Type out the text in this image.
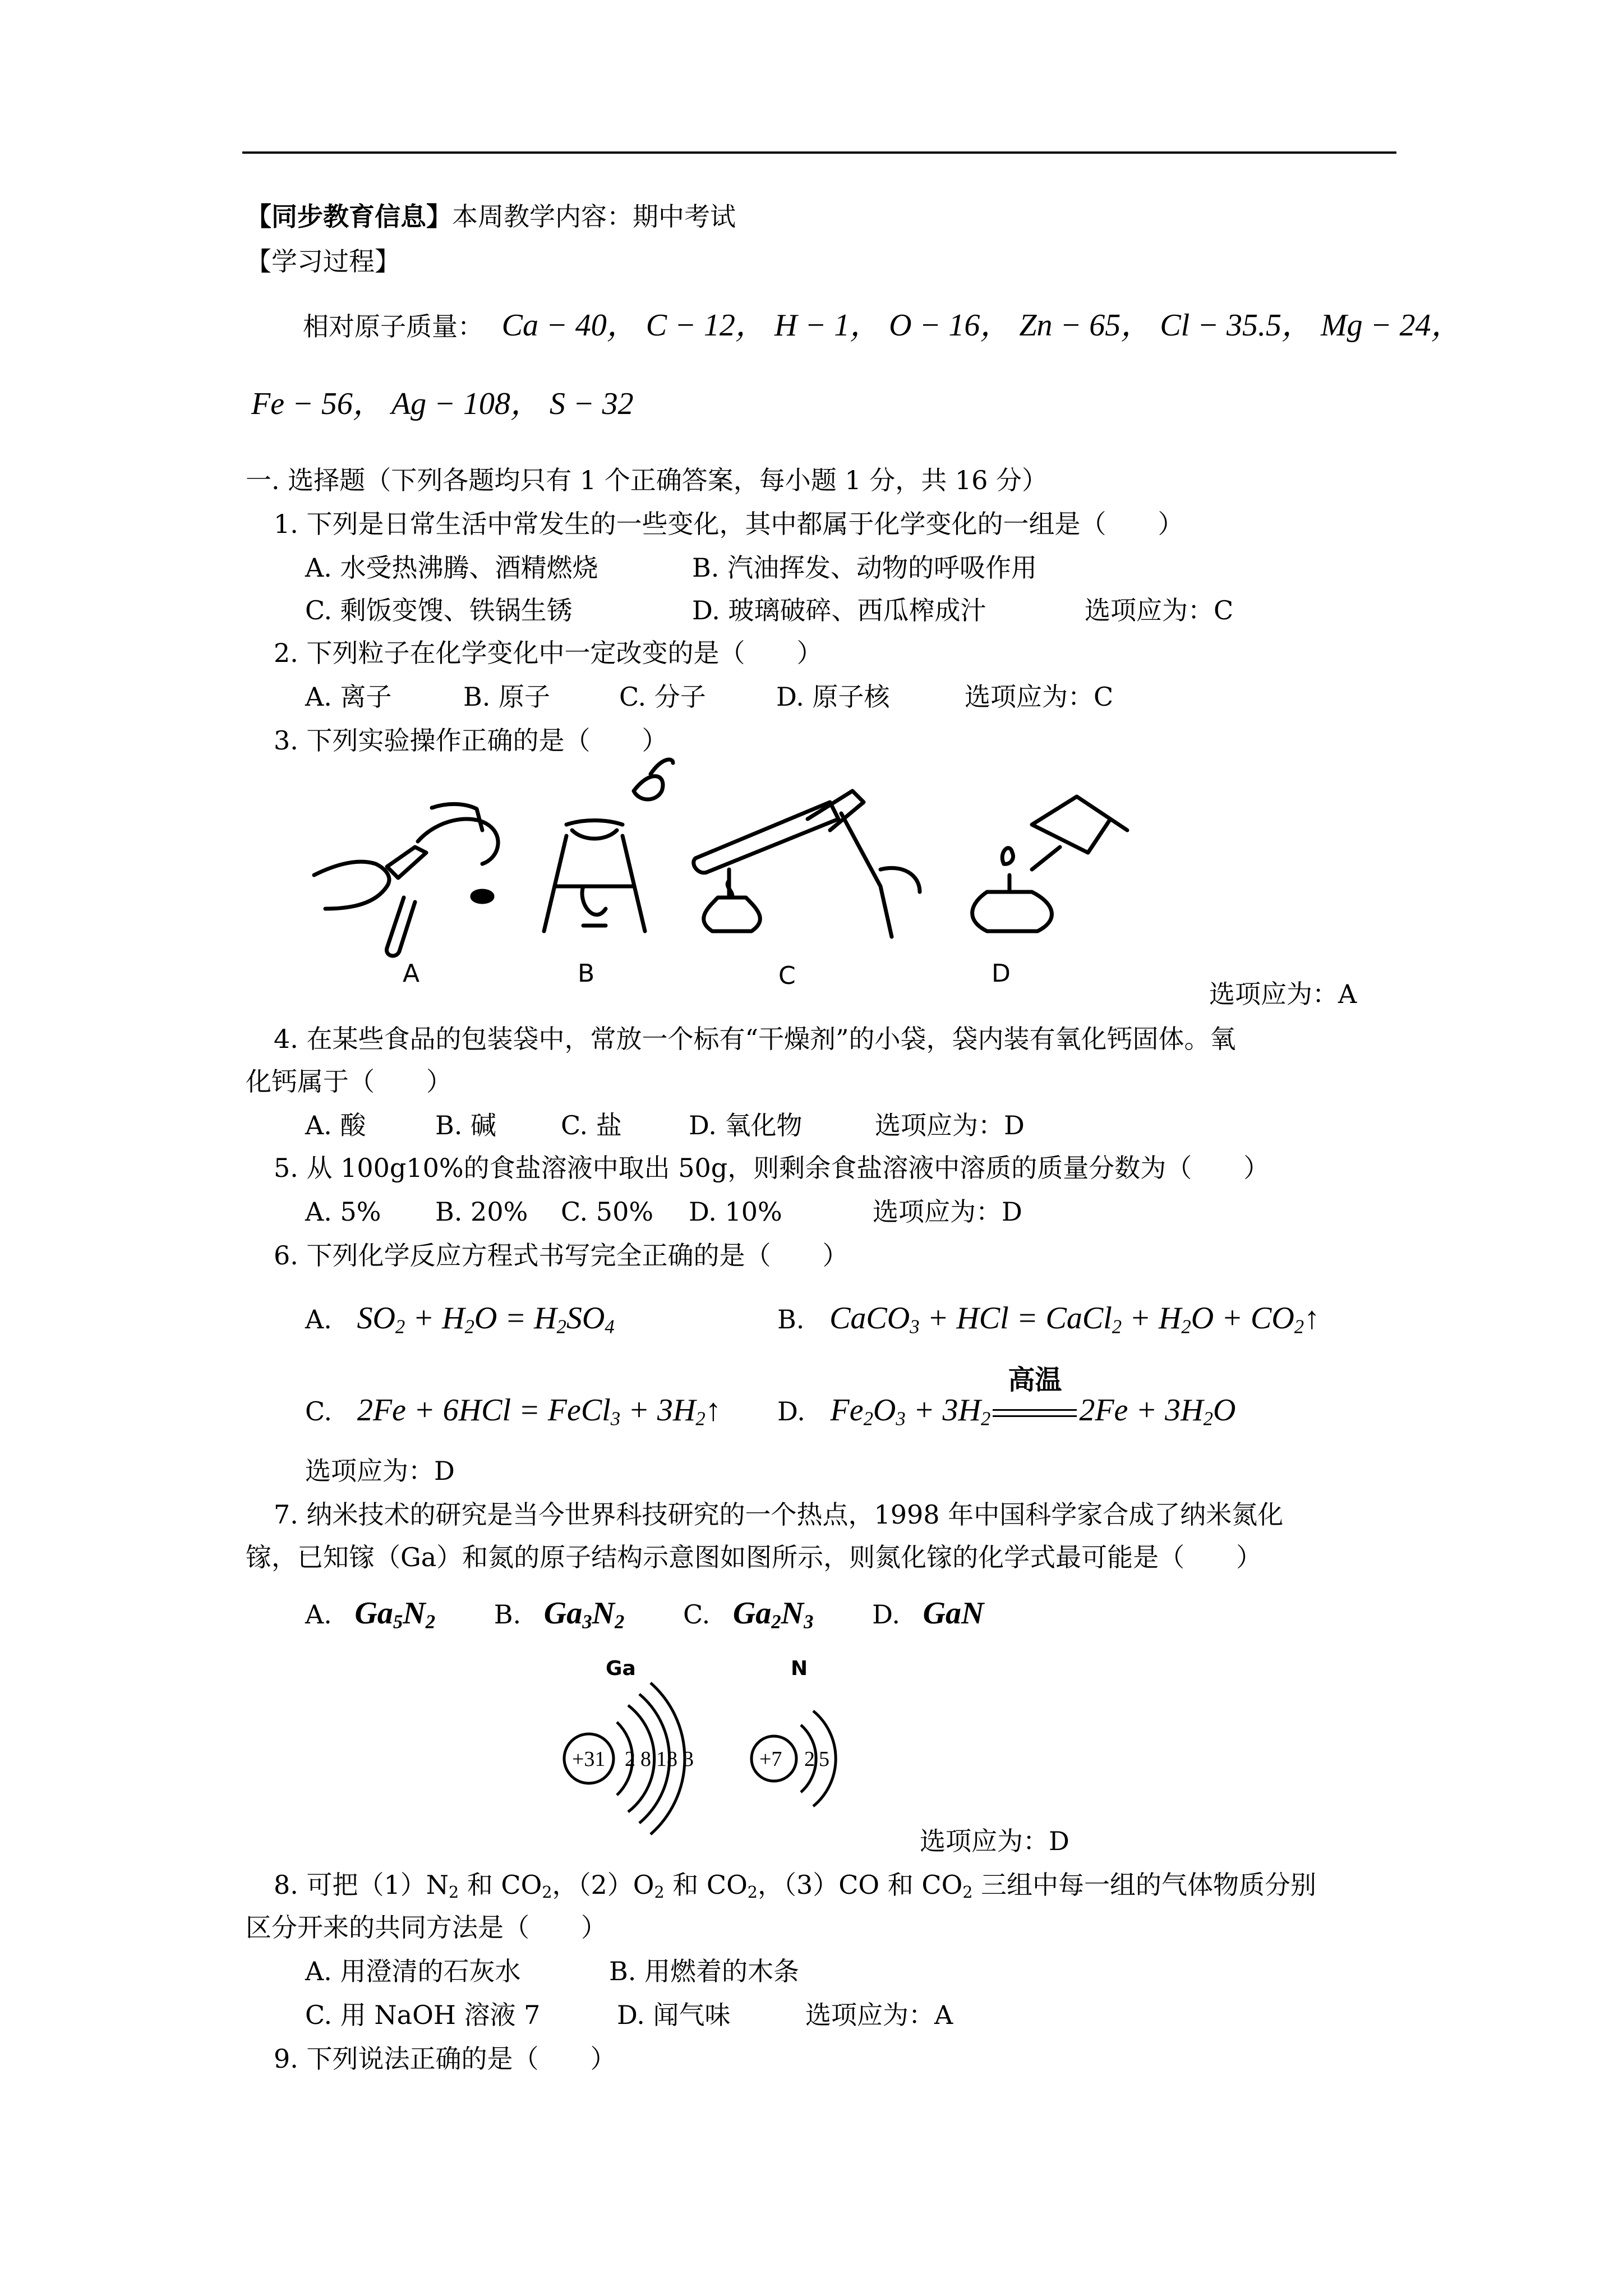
【同步教育信息】本周教学内容：期中考试
【学习过程】
相对原子质量： Ca − 40， C − 12， H − 1， O − 16， Zn − 65， Cl − 35.5， Mg − 24，
Fe − 56， Ag − 108， S − 32
一. 选择题（下列各题均只有 1 个正确答案，每小题 1 分，共 16 分）
1. 下列是日常生活中常发生的一些变化，其中都属于化学变化的一组是（　　）
A. 水受热沸腾、酒精燃烧	B. 汽油挥发、动物的呼吸作用
C. 剩饭变馊、铁锅生锈	D. 玻璃破碎、西瓜榨成汁	选项应为：C
2. 下列粒子在化学变化中一定改变的是（　　）
A. 离子	B. 原子	C. 分子	D. 原子核	选项应为：C
3. 下列实验操作正确的是（　　）
A	B	C	D
选项应为：A
4. 在某些食品的包装袋中，常放一个标有“干燥剂”的小袋，袋内装有氧化钙固体。氧
化钙属于（　　）
A. 酸	B. 碱 C. 盐	D. 氧化物	选项应为：D
5. 从 100g10%的食盐溶液中取出 50g，则剩余食盐溶液中溶质的质量分数为（　　）
A. 5% B. 20% C. 50% D. 10%	选项应为：D
6. 下列化学反应方程式书写完全正确的是（　　）
A. $SO_2 + H_2O = H_2SO_4$	B. CaCO$_3$ + HCl = CaCl$_2$ + $H_2O$ + $CO_2↑$
C. 2Fe + 6HCl = FeCl$_3$ + $3H_2↑$ D. $Fe_2O_3 + 3H_2$
高温
$2Fe + 3H_2O$
选项应为：D
7. 纳米技术的研究是当今世界科技研究的一个热点，1998 年中国科学家合成了纳米氮化
镓，已知镓（Ga）和氮的原子结构示意图如图所示，则氮化镓的化学式最可能是（　　）
A. $Ga_5N_2$ B. $Ga_3N_2$ C. $Ga_2N_3$ D. GaN
Ga	N
+31 2 8 18 3	+7 2 5
选项应为：D
8. 可把$(1)N_2$ 和 $CO_2$，$(2)O_2$ 和 $CO_2$，（3）CO 和 $CO_2$ 三组中每一组的气体物质分别
区分开来的共同方法是（　　）
A. 用澄清的石灰水	B. 用燃着的木条
C. 用 NaOH 溶液 7	D. 闻气味	选项应为：A
9. 下列说法正确的是（　　）
